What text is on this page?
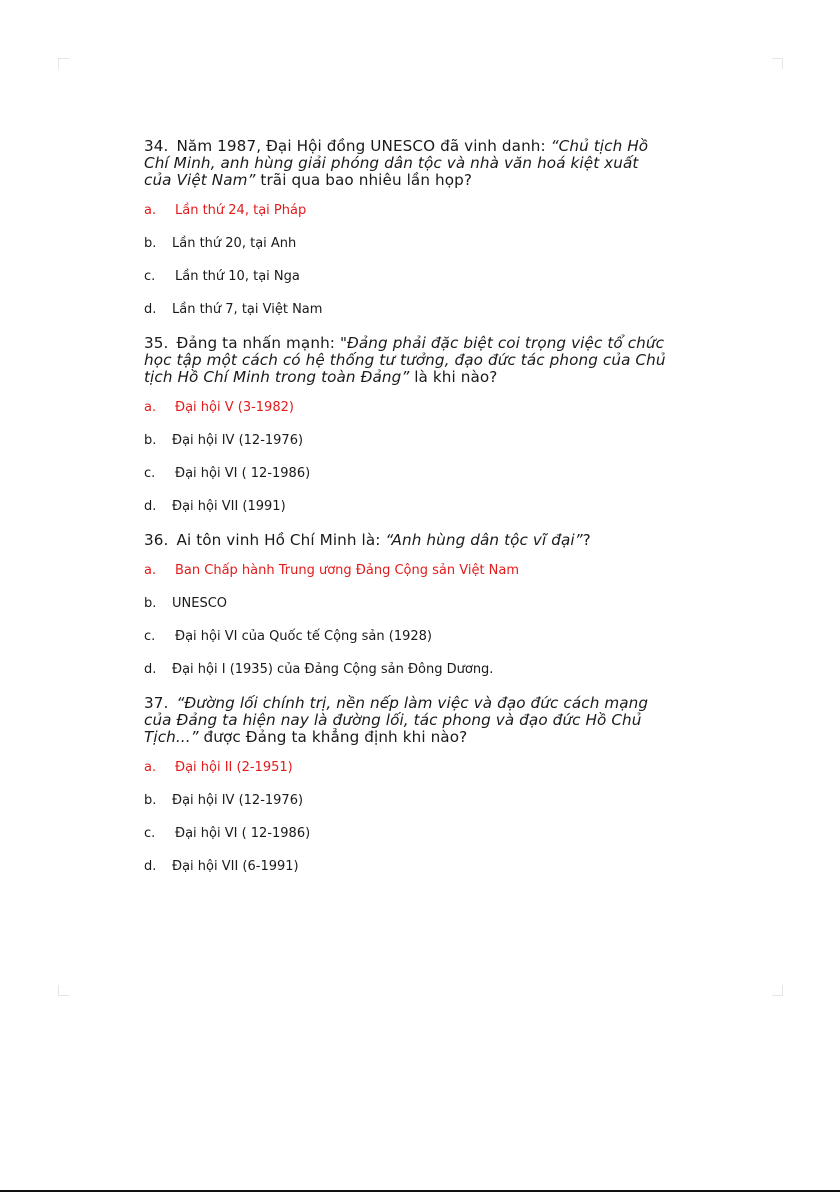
34. Năm 1987, Đại Hội đồng UNESCO đã vinh danh: “Chủ tịch Hồ Chí Minh, anh hùng giải phóng dân tộc và nhà văn hoá kiệt xuất của Việt Nam” trãi qua bao nhiêu lần họp?

a.	Lần thứ 24, tại Pháp
b.	Lần thứ 20, tại Anh
c.	Lần thứ 10, tại Nga
d.	Lần thứ 7, tại Việt Nam

35. Đảng ta nhấn mạnh: "Đảng phải đặc biệt coi trọng việc tổ chức học tập một cách có hệ thống tư tưởng, đạo đức tác phong của Chủ tịch Hồ Chí Minh trong toàn Đảng” là khi nào?

a.	Đại hội V (3-1982)
b.	Đại hội IV (12-1976)
c.	Đại hội VI ( 12-1986)
d.	Đại hội VII (1991)

36. Ai tôn vinh Hồ Chí Minh là: “Anh hùng dân tộc vĩ đại”?

a.	Ban Chấp hành Trung ương Đảng Cộng sản Việt Nam
b.	UNESCO
c.	Đại hội VI của Quốc tế Cộng sản (1928)
d.	Đại hội I (1935) của Đảng Cộng sản Đông Dương.

37. “Đường lối chính trị, nền nếp làm việc và đạo đức cách mạng của Đảng ta hiện nay là đường lối, tác phong và đạo đức Hồ Chủ Tịch...” được Đảng ta khẳng định khi nào?

a.	Đại hội II (2-1951)
b.	Đại hội IV (12-1976)
c.	Đại hội VI ( 12-1986)
d.	Đại hội VII (6-1991)
